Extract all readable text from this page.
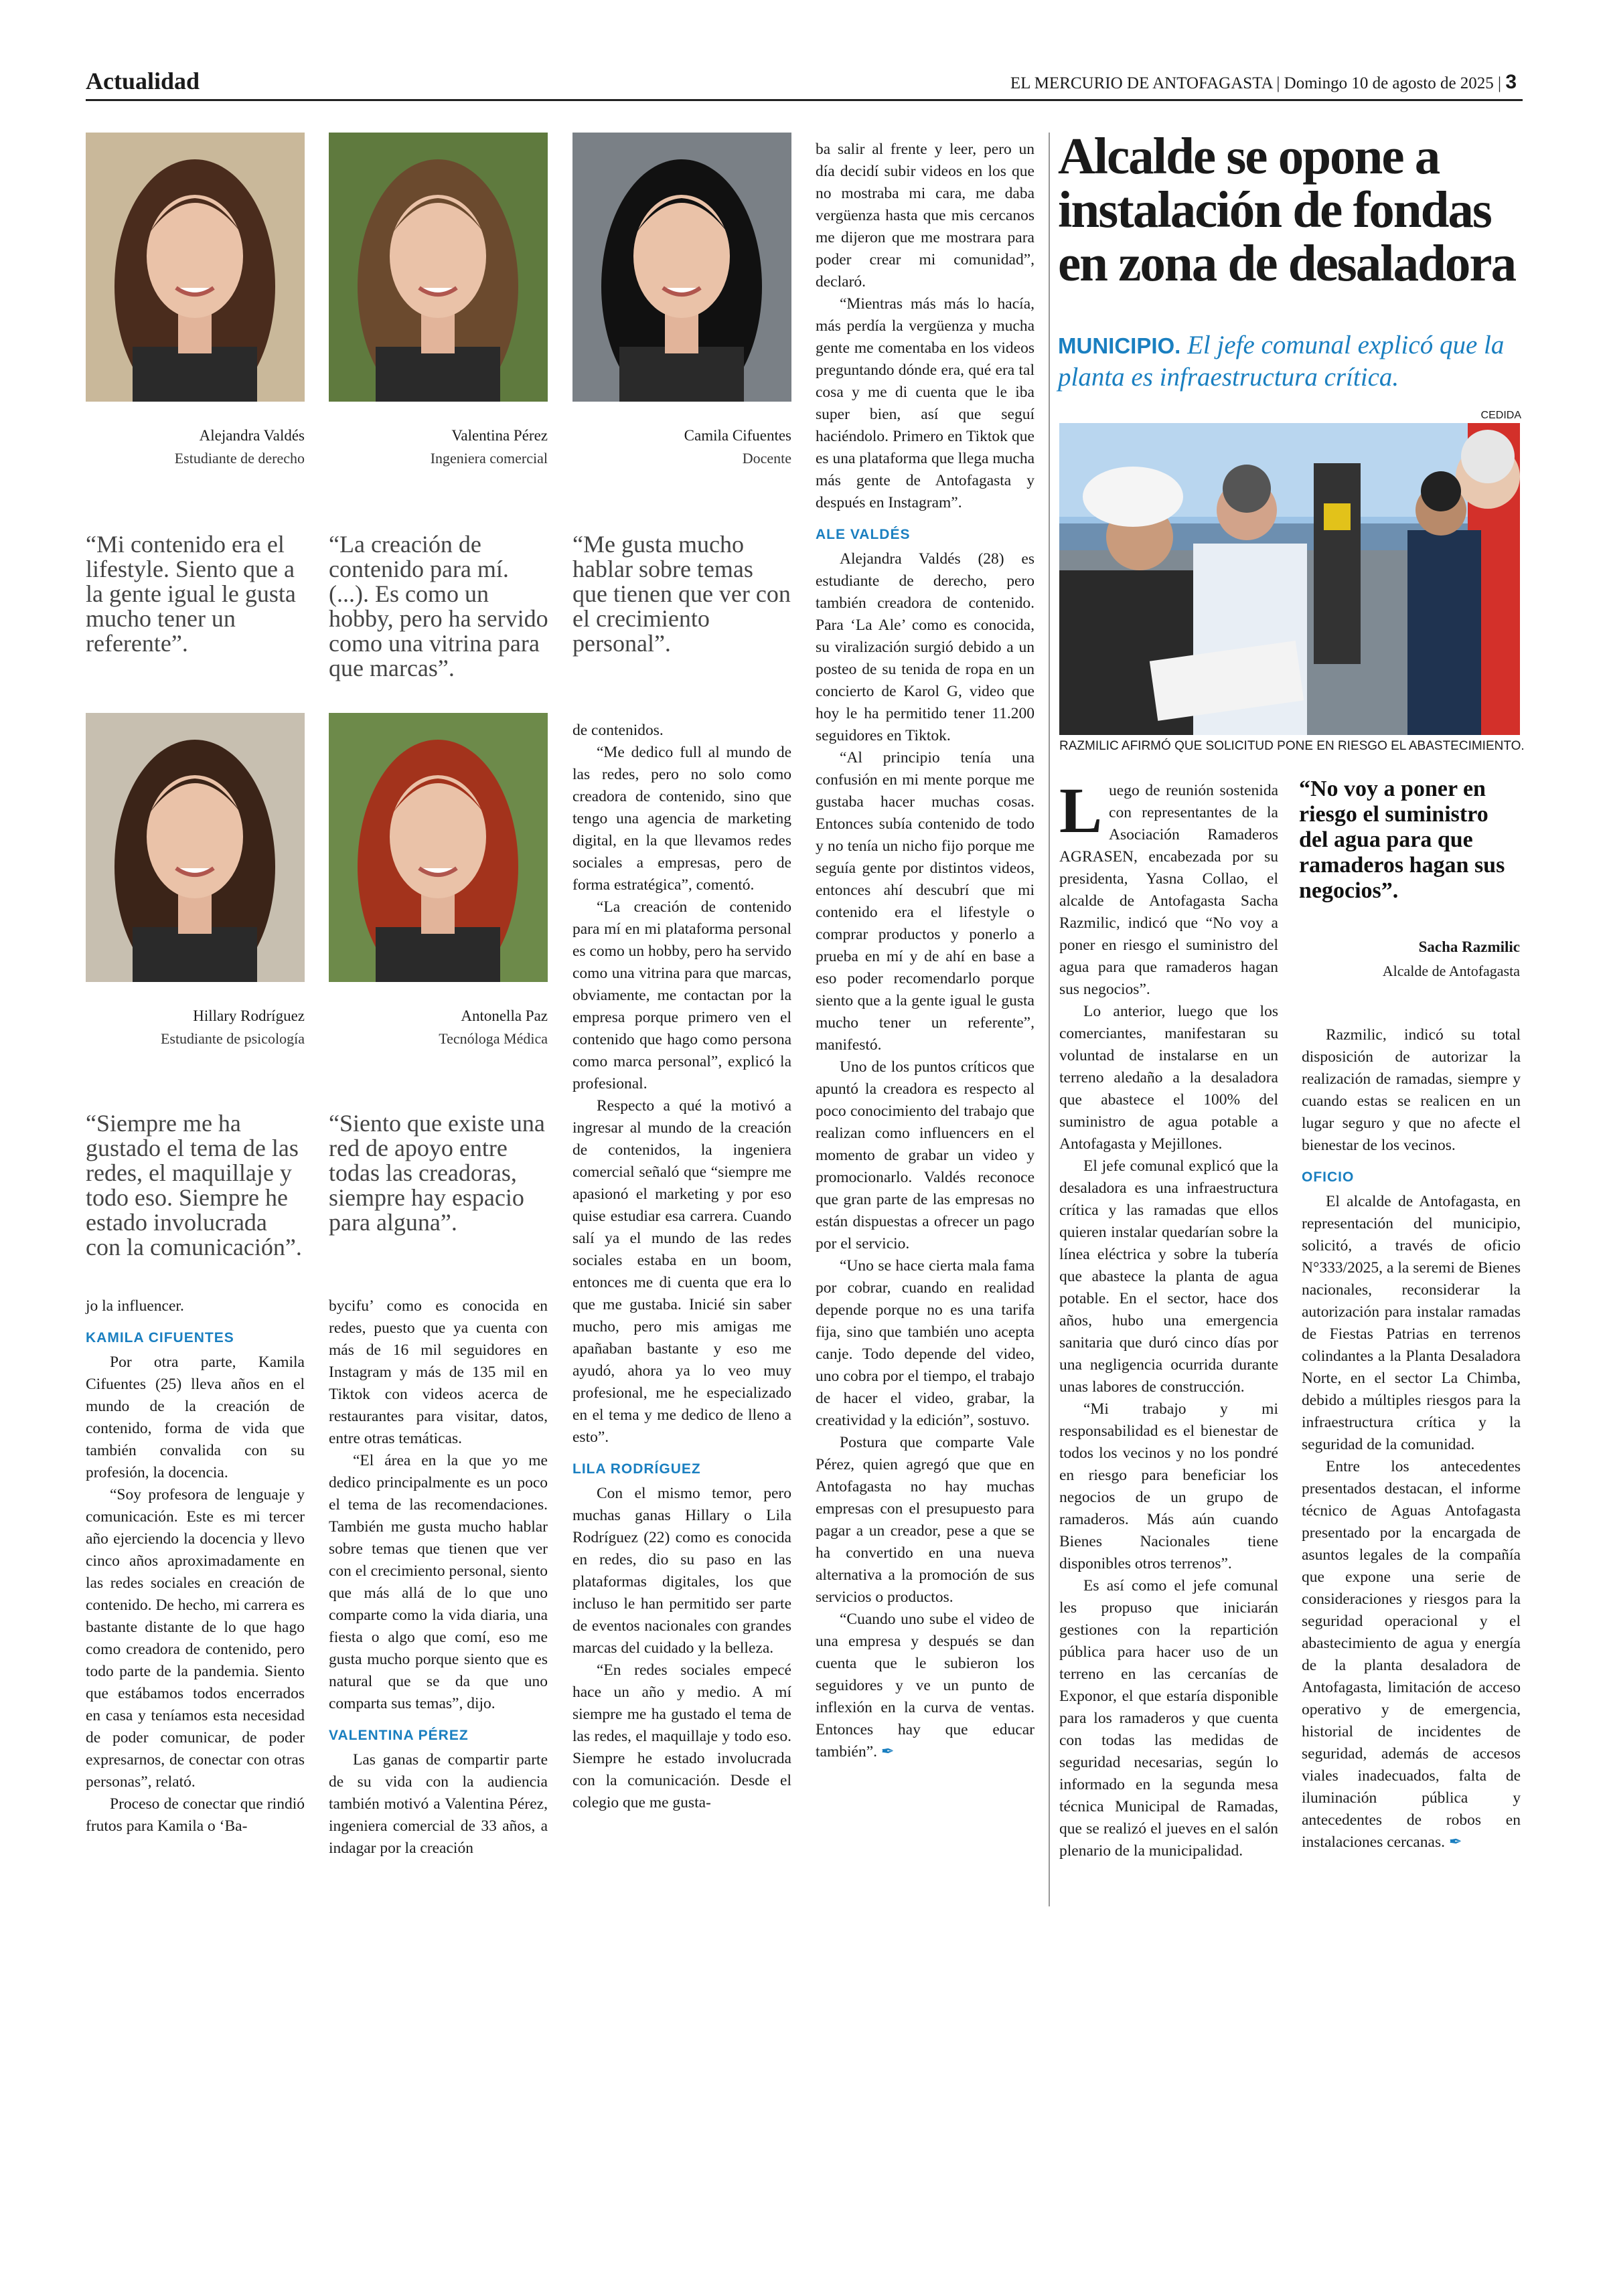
Actualidad	EL MERCURIO DE ANTOFAGASTA | Domingo 10 de agosto de 2025 | 3
Alejandra Valdés
Estudiante de derecho
“Mi contenido era el lifestyle. Siento que a la gente igual le gusta mucho tener un referente”.
Valentina Pérez
Ingeniera comercial
“La creación de contenido para mí. (...). Es como un hobby, pero ha servido como una vitrina para que marcas”.
Camila Cifuentes
Docente
“Me gusta mucho hablar sobre temas que tienen que ver con el crecimiento personal”.
Hillary Rodríguez
Estudiante de psicología
“Siempre me ha gustado el tema de las redes, el maquillaje y todo eso. Siempre he estado involucrada con la comunicación”.
Antonella Paz
Tecnóloga Médica
“Siento que existe una red de apoyo entre todas las creadoras, siempre hay espacio para alguna”.

jo la influencer.

KAMILA CIFUENTES

Por otra parte, Kamila Cifuentes (25) lleva años en el mundo de la creación de contenido, forma de vida que también convalida con su profesión, la docencia.

“Soy profesora de lenguaje y comunicación. Este es mi tercer año ejerciendo la docencia y llevo cinco años aproximadamente en las redes sociales en creación de contenido. De hecho, mi carrera es bastante distante de lo que hago como creadora de contenido, pero todo parte de la pandemia. Siento que estábamos todos encerrados en casa y teníamos esta necesidad de poder comunicar, de poder expresarnos, de conectar con otras personas”, relató.

Proceso de conectar que rindió frutos para Kamila o ‘Ba-

bycifu’ como es conocida en redes, puesto que ya cuenta con más de 16 mil seguidores en Instagram y más de 135 mil en Tiktok con videos acerca de restaurantes para visitar, datos, entre otras temáticas.

“El área en la que yo me dedico principalmente es un poco el tema de las recomendaciones. También me gusta mucho hablar sobre temas que tienen que ver con el crecimiento personal, siento que más allá de lo que uno comparte como la vida diaria, una fiesta o algo que comí, eso me gusta mucho porque siento que es natural que se da que uno comparta sus temas”, dijo.

VALENTINA PÉREZ

Las ganas de compartir parte de su vida con la audiencia también motivó a Valentina Pérez, ingeniera comercial de 33 años, a indagar por la creación

de contenidos.

“Me dedico full al mundo de las redes, pero no solo como creadora de contenido, sino que tengo una agencia de marketing digital, en la que llevamos redes sociales a empresas, pero de forma estratégica”, comentó.

“La creación de contenido para mí en mi plataforma personal es como un hobby, pero ha servido como una vitrina para que marcas, obviamente, me contactan por la empresa porque primero ven el contenido que hago como persona como marca personal”, explicó la profesional.

Respecto a qué la motivó a ingresar al mundo de la creación de contenidos, la ingeniera comercial señaló que “siempre me apasionó el marketing y por eso quise estudiar esa carrera. Cuando salí ya el mundo de las redes sociales estaba en un boom, entonces me di cuenta que era lo que me gustaba. Inicié sin saber mucho, pero mis amigas me apañaban bastante y eso me ayudó, ahora ya lo veo muy profesional, me he especializado en el tema y me dedico de lleno a esto”.

LILA RODRÍGUEZ

Con el mismo temor, pero muchas ganas Hillary o Lila Rodríguez (22) como es conocida en redes, dio su paso en las plataformas digitales, los que incluso le han permitido ser parte de eventos nacionales con grandes marcas del cuidado y la belleza.

“En redes sociales empecé hace un año y medio. A mí siempre me ha gustado el tema de las redes, el maquillaje y todo eso. Siempre he estado involucrada con la comunicación. Desde el colegio que me gusta-

ba salir al frente y leer, pero un día decidí subir videos en los que no mostraba mi cara, me daba vergüenza hasta que mis cercanos me dijeron que me mostrara para poder crear mi comunidad”, declaró.

“Mientras más más lo hacía, más perdía la vergüenza y mucha gente me comentaba en los videos preguntando dónde era, qué era tal cosa y me di cuenta que le iba super bien, así que seguí haciéndolo. Primero en Tiktok que es una plataforma que llega mucha más gente de Antofagasta y después en Instagram”.

ALE VALDÉS

Alejandra Valdés (28) es estudiante de derecho, pero también creadora de contenido. Para ‘La Ale’ como es conocida, su viralización surgió debido a un posteo de su tenida de ropa en un concierto de Karol G, video que hoy le ha permitido tener 11.200 seguidores en Tiktok.

“Al principio tenía una confusión en mi mente porque me gustaba hacer muchas cosas. Entonces subía contenido de todo y no tenía un nicho fijo porque me seguía gente por distintos videos, entonces ahí descubrí que mi contenido era el lifestyle o comprar productos y ponerlo a prueba en mí y de ahí en base a eso poder recomendarlo porque siento que a la gente igual le gusta mucho tener un referente”, manifestó.

Uno de los puntos críticos que apuntó la creadora es respecto al poco conocimiento del trabajo que realizan como influencers en el momento de grabar un video y promocionarlo. Valdés reconoce que gran parte de las empresas no están dispuestas a ofrecer un pago por el servicio.

“Uno se hace cierta mala fama por cobrar, cuando en realidad depende porque no es una tarifa fija, sino que también uno acepta canje. Todo depende del video, uno cobra por el tiempo, el trabajo de hacer el video, grabar, la creatividad y la edición”, sostuvo.

Postura que comparte Vale Pérez, quien agregó que que en Antofagasta no hay muchas empresas con el presupuesto para pagar a un creador, pese a que se ha convertido en una nueva alternativa a la promoción de sus servicios o productos.

“Cuando uno sube el video de una empresa y después se dan cuenta que le subieron los seguidores y ve un punto de inflexión en la curva de ventas. Entonces hay que educar también”. ✒

Alcalde se opone a instalación de fondas en zona de desaladora
MUNICIPIO. El jefe comunal explicó que la planta es infraestructura crítica.
CEDIDA
RAZMILIC AFIRMÓ QUE SOLICITUD PONE EN RIESGO EL ABASTECIMIENTO.

Luego de reunión sostenida con representantes de la Asociación Ramaderos AGRASEN, encabezada por su presidenta, Yasna Collao, el alcalde de Antofagasta Sacha Razmilic, indicó que “No voy a poner en riesgo el suministro del agua para que ramaderos hagan sus negocios”.

Lo anterior, luego que los comerciantes, manifestaran su voluntad de instalarse en un terreno aledaño a la desaladora que abastece el 100% del suministro de agua potable a Antofagasta y Mejillones.

El jefe comunal explicó que la desaladora es una infraestructura crítica y las ramadas que ellos quieren instalar quedarían sobre la línea eléctrica y sobre la tubería que abastece la planta de agua potable. En el sector, hace dos años, hubo una emergencia sanitaria que duró cinco días por una negligencia ocurrida durante unas labores de construcción.

“Mi trabajo y mi responsabilidad es el bienestar de todos los vecinos y no los pondré en riesgo para beneficiar los negocios de un grupo de ramaderos. Más aún cuando Bienes Nacionales tiene disponibles otros terrenos”.

Es así como el jefe comunal les propuso que iniciarán gestiones con la repartición pública para hacer uso de un terreno en las cercanías de Exponor, el que estaría disponible para los ramaderos y que cuenta con todas las medidas de seguridad necesarias, según lo informado en la segunda mesa técnica Municipal de Ramadas, que se realizó el jueves en el salón plenario de la municipalidad.

“No voy a poner en riesgo el suministro del agua para que ramaderos hagan sus negocios”.
Sacha Razmilic
Alcalde de Antofagasta

Razmilic, indicó su total disposición de autorizar la realización de ramadas, siempre y cuando estas se realicen en un lugar seguro y que no afecte el bienestar de los vecinos.

OFICIO

El alcalde de Antofagasta, en representación del municipio, solicitó, a través de oficio N°333/2025, a la seremi de Bienes nacionales, reconsiderar la autorización para instalar ramadas de Fiestas Patrias en terrenos colindantes a la Planta Desaladora Norte, en el sector La Chimba, debido a múltiples riesgos para la infraestructura crítica y la seguridad de la comunidad.

Entre los antecedentes presentados destacan, el informe técnico de Aguas Antofagasta presentado por la encargada de asuntos legales de la compañía que expone una serie de consideraciones y riesgos para la seguridad operacional y el abastecimiento de agua y energía de la planta desaladora de Antofagasta, limitación de acceso operativo y de emergencia, historial de incidentes de seguridad, además de accesos viales inadecuados, falta de iluminación pública y antecedentes de robos en instalaciones cercanas. ✒
